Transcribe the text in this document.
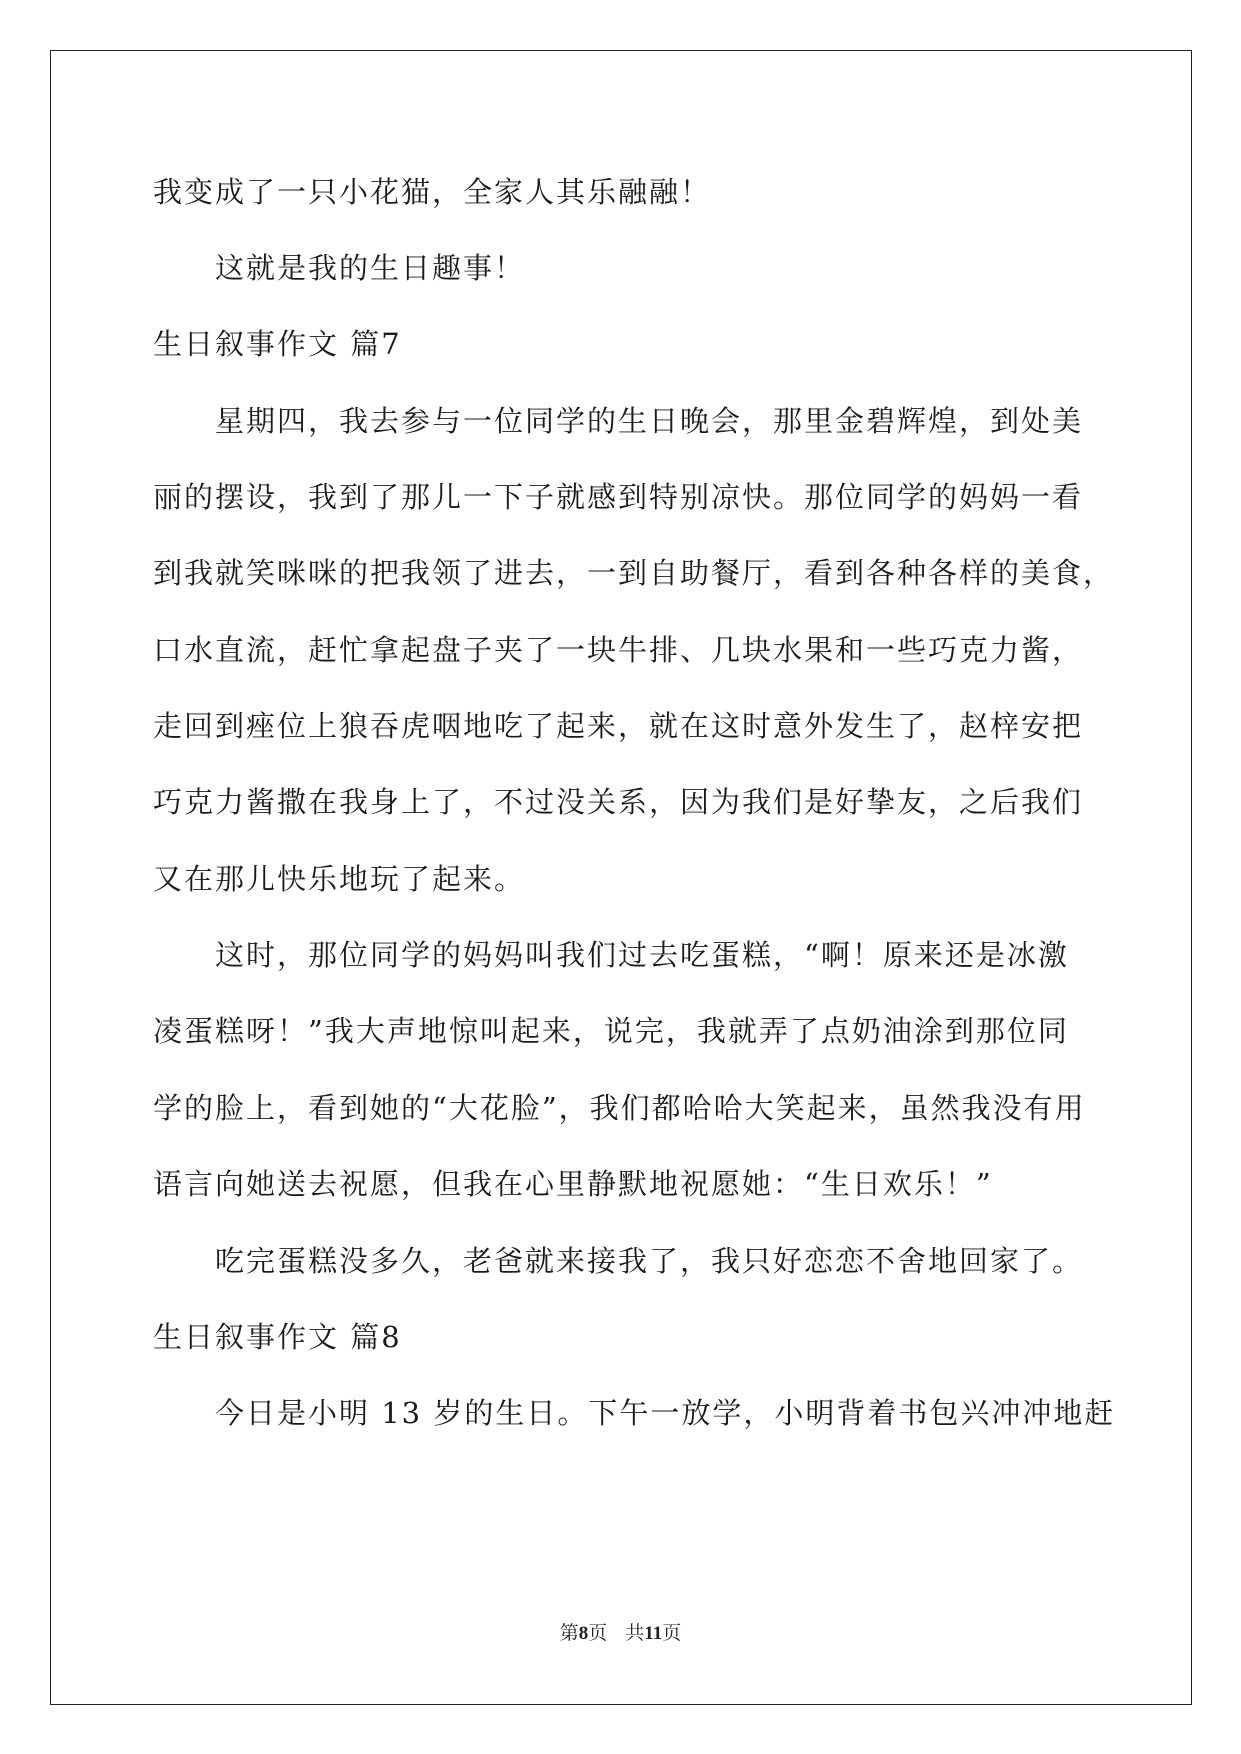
我变成了一只小花猫，全家人其乐融融！
这就是我的生日趣事！
生日叙事作文 篇7
星期四，我去参与一位同学的生日晚会，那里金碧辉煌，到处美
丽的摆设，我到了那儿一下子就感到特别凉快。那位同学的妈妈一看
到我就笑咪咪的把我领了进去，一到自助餐厅，看到各种各样的美食，
口水直流，赶忙拿起盘子夹了一块牛排、几块水果和一些巧克力酱，
走回到痤位上狼吞虎咽地吃了起来，就在这时意外发生了，赵梓安把
巧克力酱撒在我身上了，不过没关系，因为我们是好挚友，之后我们
又在那儿快乐地玩了起来。
这时，那位同学的妈妈叫我们过去吃蛋糕，“啊！原来还是冰激
凌蛋糕呀！”我大声地惊叫起来，说完，我就弄了点奶油涂到那位同
学的脸上，看到她的“大花脸”，我们都哈哈大笑起来，虽然我没有用
语言向她送去祝愿，但我在心里静默地祝愿她：“生日欢乐！”
吃完蛋糕没多久，老爸就来接我了，我只好恋恋不舍地回家了。
生日叙事作文 篇8
今日是小明 13 岁的生日。下午一放学，小明背着书包兴冲冲地赶
第8页 共11页
